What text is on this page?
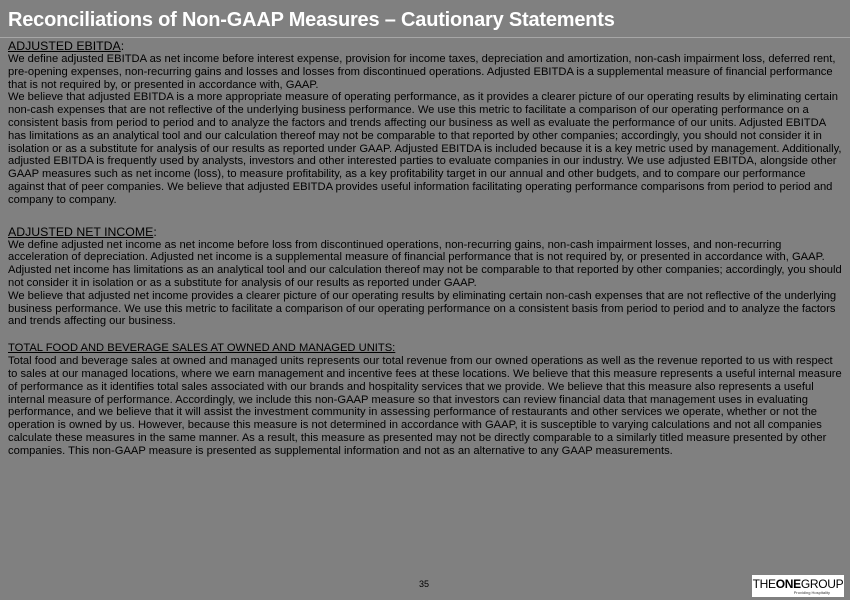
Reconciliations of Non-GAAP Measures – Cautionary Statements

ADJUSTED EBITDA:

We define adjusted EBITDA as net income before interest expense, provision for income taxes, depreciation and amortization, non-cash impairment loss, deferred rent, pre-opening expenses, non-recurring gains and losses and losses from discontinued operations. Adjusted EBITDA is a supplemental measure of financial performance that is not required by, or presented in accordance with, GAAP.

We believe that adjusted EBITDA is a more appropriate measure of operating performance, as it provides a clearer picture of our operating results by eliminating certain non-cash expenses that are not reflective of the underlying business performance. We use this metric to facilitate a comparison of our operating performance on a consistent basis from period to period and to analyze the factors and trends affecting our business as well as evaluate the performance of our units. Adjusted EBITDA has limitations as an analytical tool and our calculation thereof may not be comparable to that reported by other companies; accordingly, you should not consider it in isolation or as a substitute for analysis of our results as reported under GAAP. Adjusted EBITDA is included because it is a key metric used by management. Additionally, adjusted EBITDA is frequently used by analysts, investors and other interested parties to evaluate companies in our industry. We use adjusted EBITDA, alongside other GAAP measures such as net income (loss), to measure profitability, as a key profitability target in our annual and other budgets, and to compare our performance against that of peer companies. We believe that adjusted EBITDA provides useful information facilitating operating performance comparisons from period to period and company to company.

ADJUSTED NET INCOME:

We define adjusted net income as net income before loss from discontinued operations, non-recurring gains, non-cash impairment losses, and non-recurring acceleration of depreciation. Adjusted net income is a supplemental measure of financial performance that is not required by, or presented in accordance with, GAAP. Adjusted net income has limitations as an analytical tool and our calculation thereof may not be comparable to that reported by other companies; accordingly, you should not consider it in isolation or as a substitute for analysis of our results as reported under GAAP.

We believe that adjusted net income provides a clearer picture of our operating results by eliminating certain non-cash expenses that are not reflective of the underlying business performance. We use this metric to facilitate a comparison of our operating performance on a consistent basis from period to period and to analyze the factors and trends affecting our business.

TOTAL FOOD AND BEVERAGE SALES AT OWNED AND MANAGED UNITS:

Total food and beverage sales at owned and managed units represents our total revenue from our owned operations as well as the revenue reported to us with respect to sales at our managed locations, where we earn management and incentive fees at these locations. We believe that this measure represents a useful internal measure of performance as it identifies total sales associated with our brands and hospitality services that we provide. We believe that this measure also represents a useful internal measure of performance. Accordingly, we include this non-GAAP measure so that investors can review financial data that management uses in evaluating performance, and we believe that it will assist the investment community in assessing performance of restaurants and other services we operate, whether or not the operation is owned by us. However, because this measure is not determined in accordance with GAAP, it is susceptible to varying calculations and not all companies calculate these measures in the same manner. As a result, this measure as presented may not be directly comparable to a similarly titled measure presented by other companies. This non-GAAP measure is presented as supplemental information and not as an alternative to any GAAP measurements.

35	THEONEGROUP
Providing Hospitality
